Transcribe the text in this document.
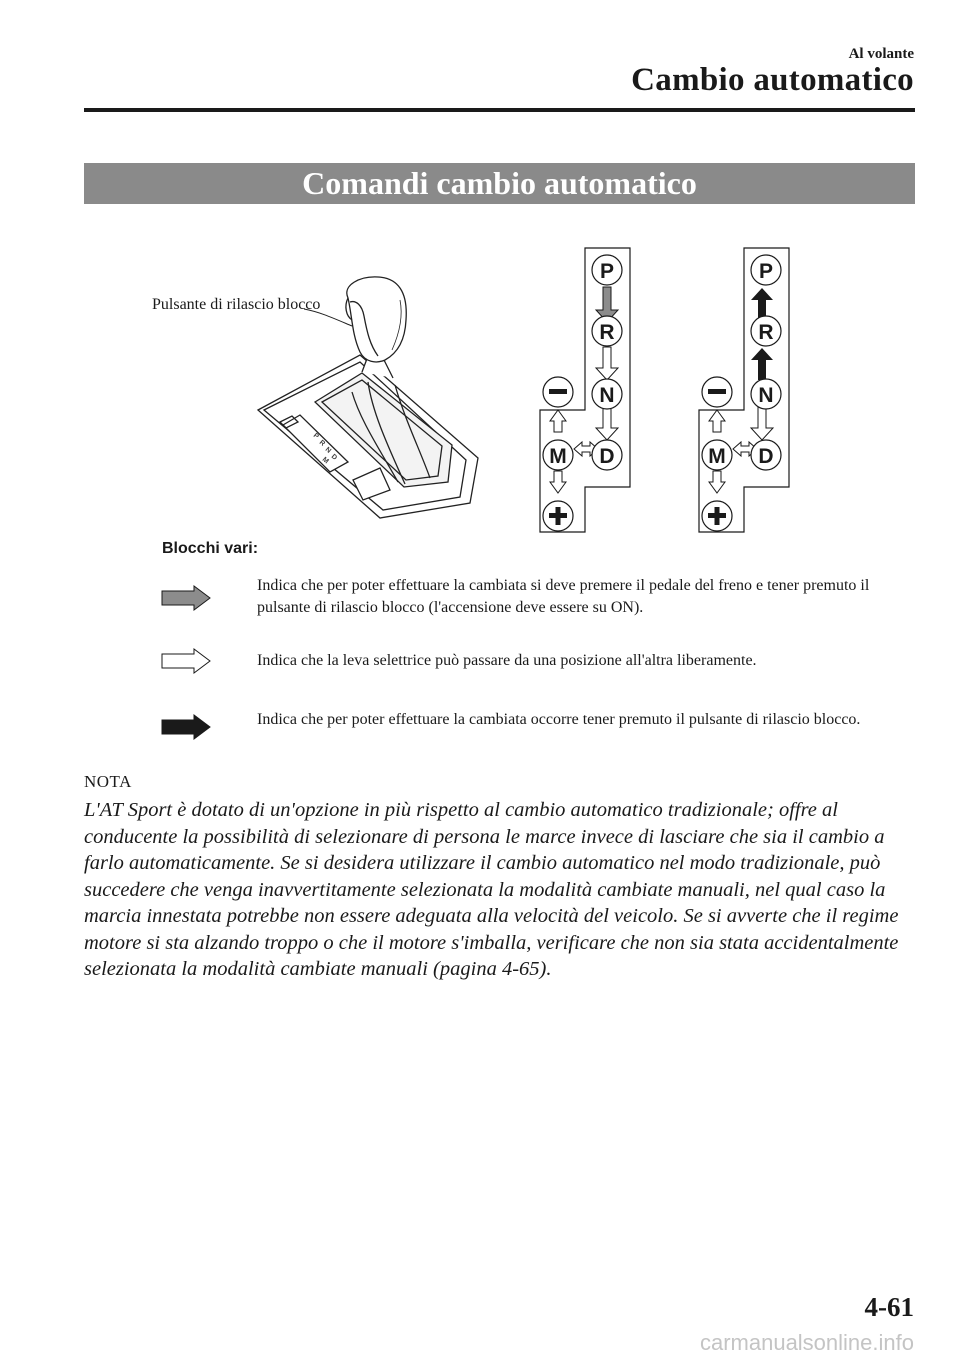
Al volante
Cambio automatico
Comandi cambio automatico
Pulsante di rilascio blocco
P
R
N
D
M
P
R
N
D
M
P
R
N
D
M
Blocchi vari:
Indica che per poter effettuare la cambiata si deve premere il pedale del freno e tener premuto il pulsante di rilascio blocco (l'accensione deve essere su ON).
Indica che la leva selettrice può passare da una posizione all'altra liberamente.
Indica che per poter effettuare la cambiata occorre tener premuto il pulsante di rilascio blocco.
NOTA
L'AT Sport è dotato di un'opzione in più rispetto al cambio automatico tradizionale; offre al conducente la possibilità di selezionare di persona le marce invece di lasciare che sia il cambio a farlo automaticamente. Se si desidera utilizzare il cambio automatico nel modo tradizionale, può succedere che venga inavvertitamente selezionata la modalità cambiate manuali, nel qual caso la marcia innestata potrebbe non essere adeguata alla velocità del veicolo. Se si avverte che il regime motore si sta alzando troppo o che il motore s'imballa, verificare che non sia stata accidentalmente selezionata la modalità cambiate manuali (pagina 4-65).
4-61
carmanualsonline.info
